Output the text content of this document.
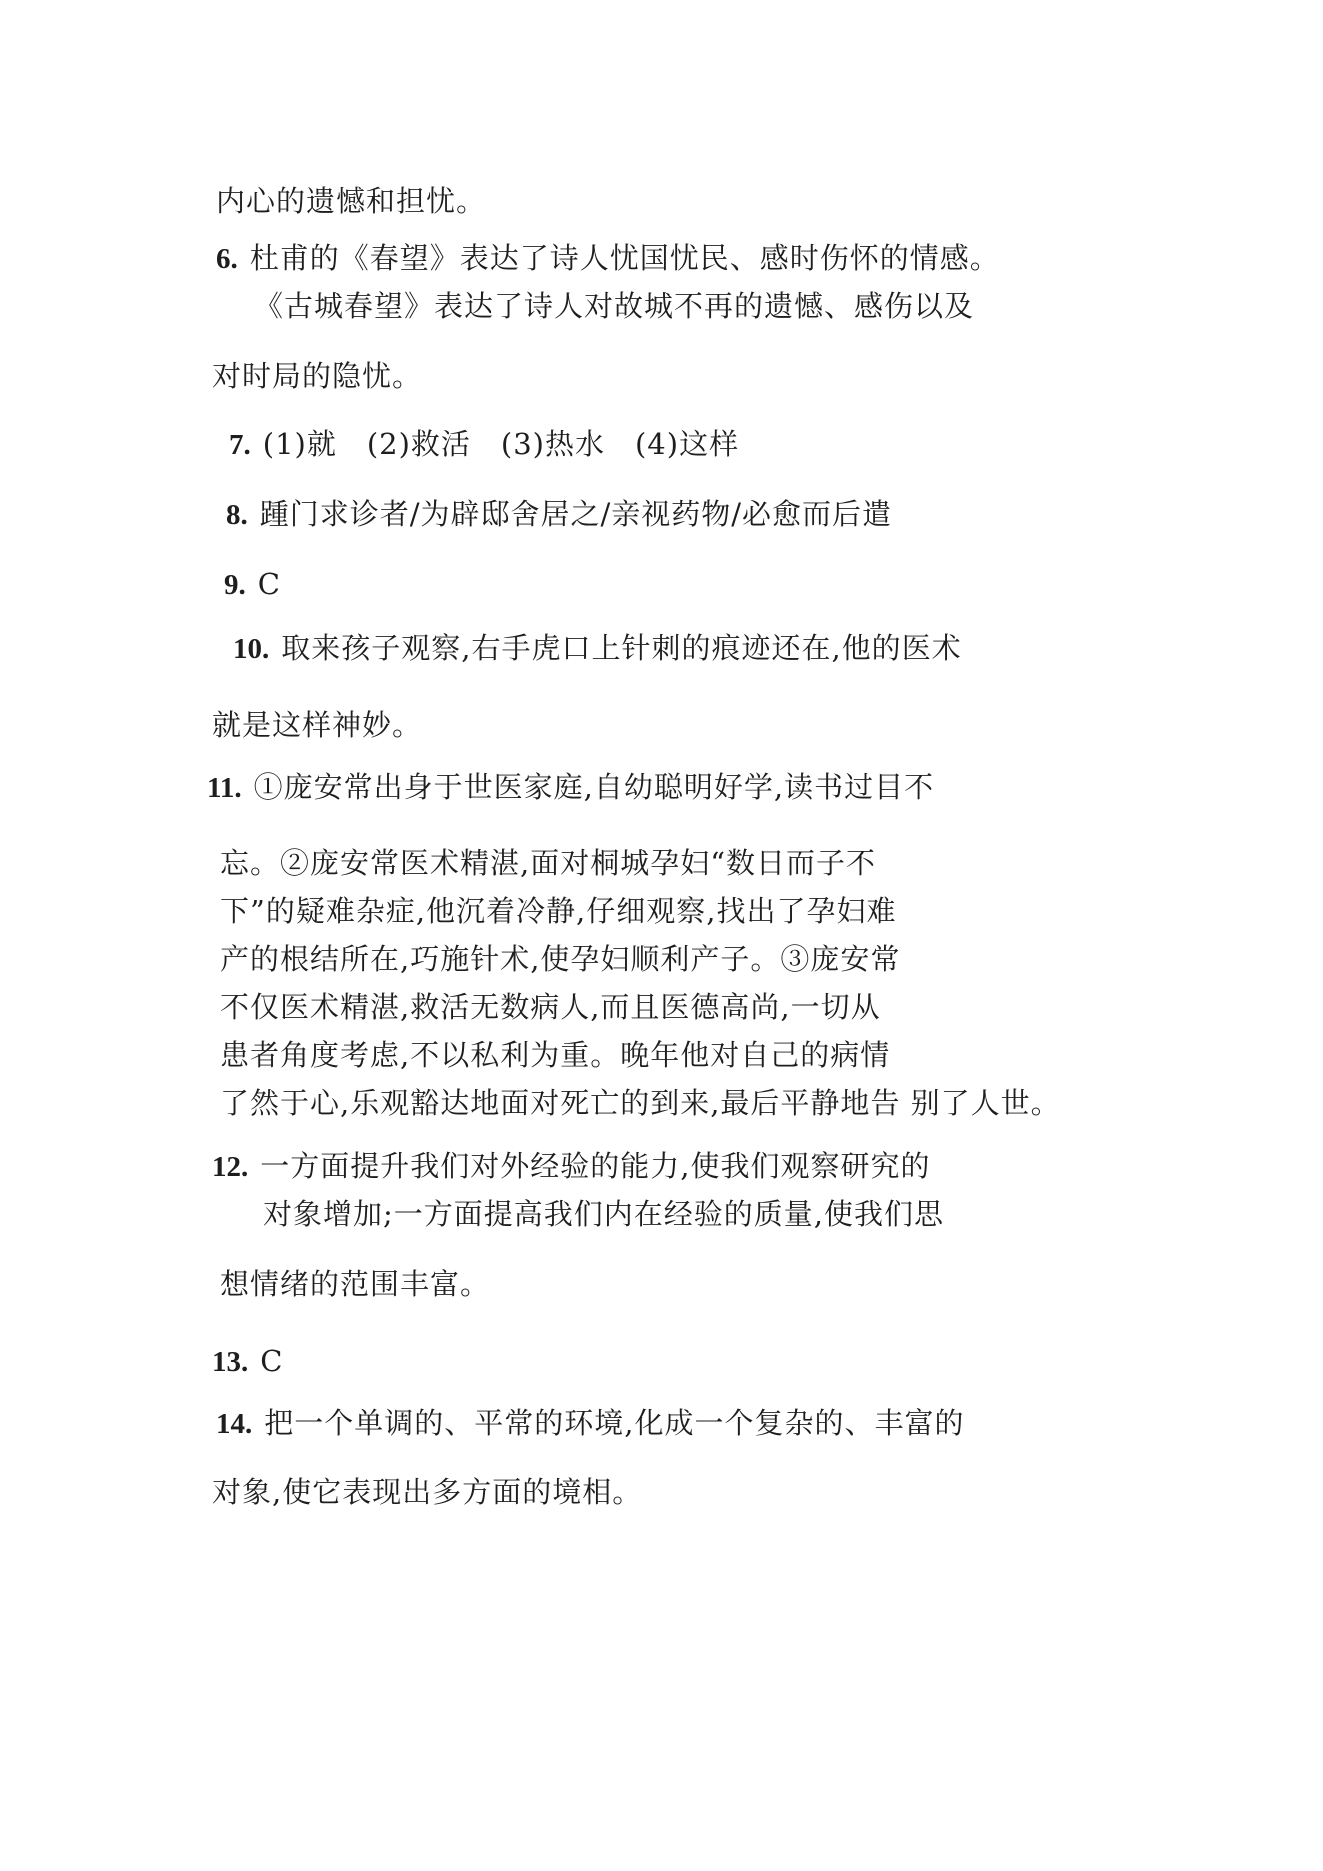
内心的遗憾和担忧。
6. 杜甫的《春望》表达了诗人忧国忧民、感时伤怀的情感。
《古城春望》表达了诗人对故城不再的遗憾、感伤以及
对时局的隐忧。
7. (1)就　(2)救活　(3)热水　(4)这样
8. 踵门求诊者/为辟邸舍居之/亲视药物/必愈而后遣
9. C
10. 取来孩子观察,右手虎口上针刺的痕迹还在,他的医术
就是这样神妙。
11. ①庞安常出身于世医家庭,自幼聪明好学,读书过目不
忘。②庞安常医术精湛,面对桐城孕妇“数日而子不
下”的疑难杂症,他沉着冷静,仔细观察,找出了孕妇难
产的根结所在,巧施针术,使孕妇顺利产子。③庞安常
不仅医术精湛,救活无数病人,而且医德高尚,一切从
患者角度考虑,不以私利为重。晚年他对自己的病情
了然于心,乐观豁达地面对死亡的到来,最后平静地告 别了人世。
12. 一方面提升我们对外经验的能力,使我们观察研究的
对象增加;一方面提高我们内在经验的质量,使我们思
想情绪的范围丰富。
13. C
14. 把一个单调的、平常的环境,化成一个复杂的、丰富的
对象,使它表现出多方面的境相。
